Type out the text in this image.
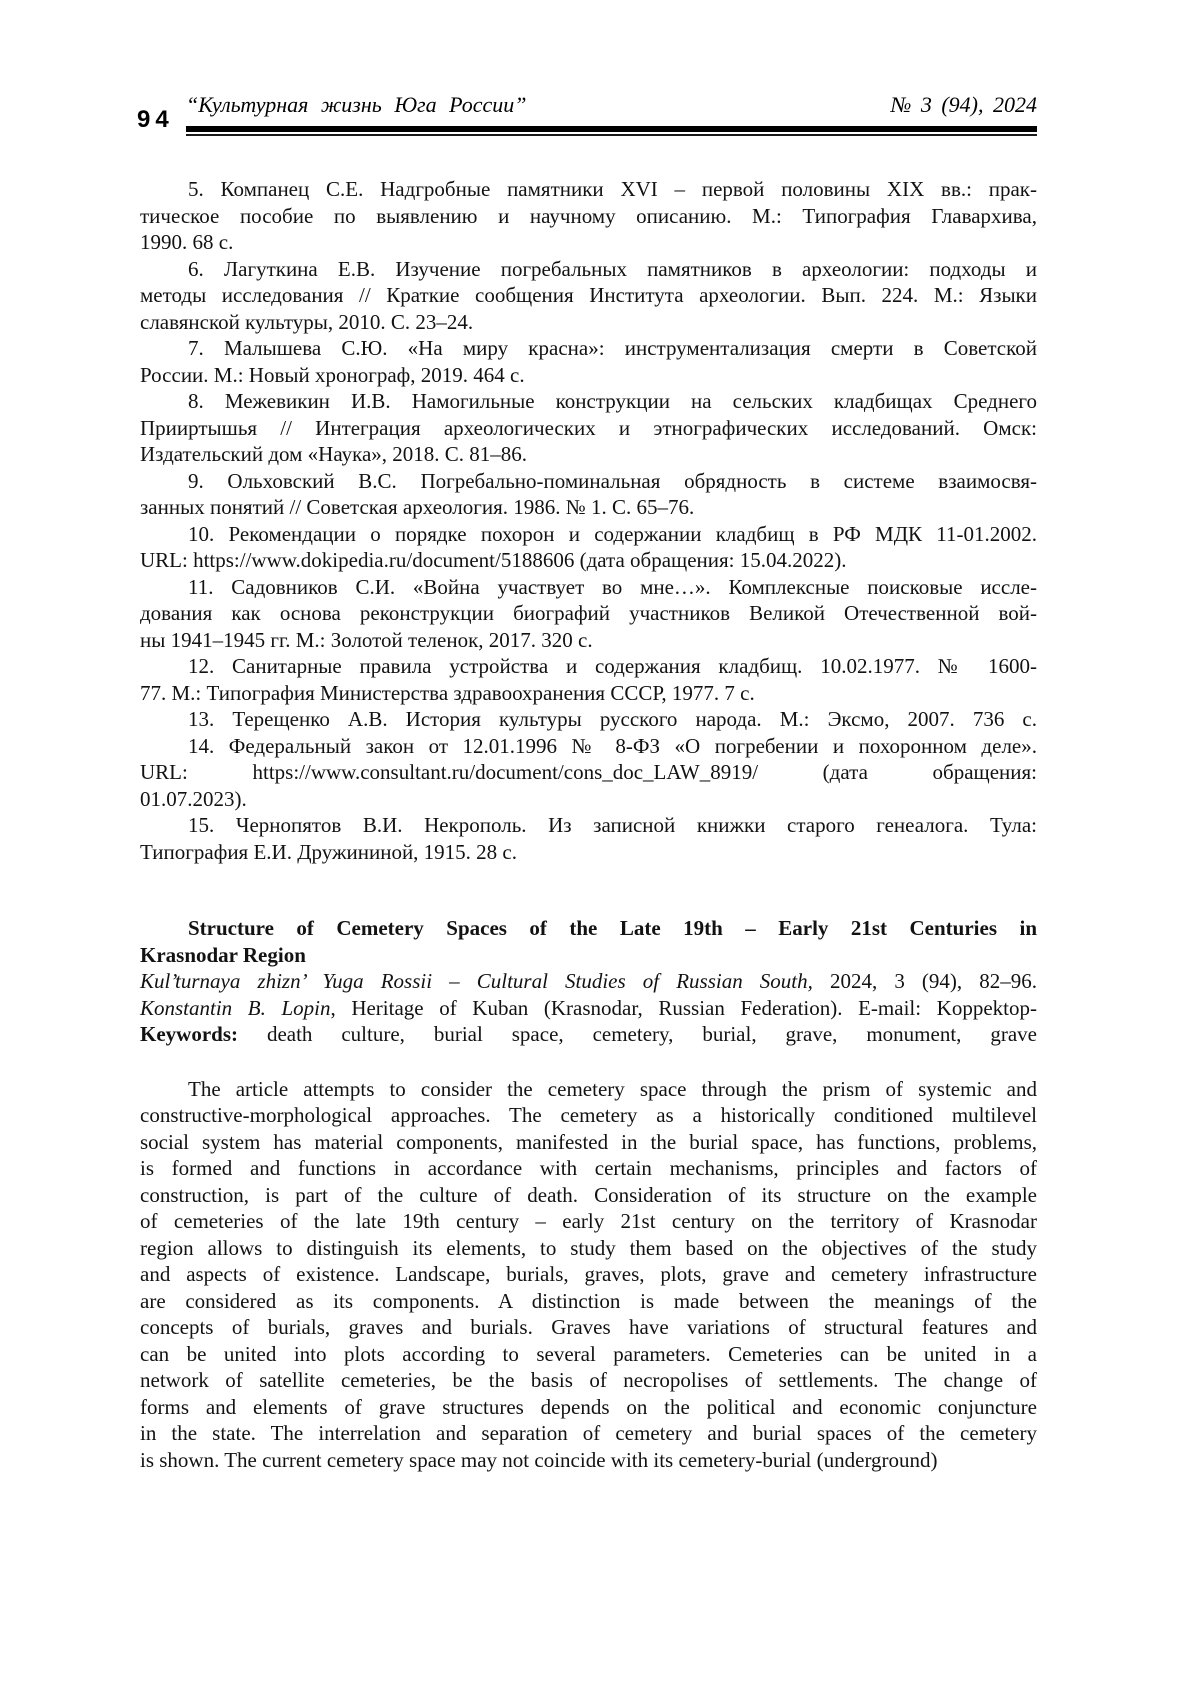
94
“Культурная жизнь Юга России”	№ 3 (94), 2024
5. Компанец С.Е. Надгробные памятники XVI – первой половины XIX вв.: прак-
тическое пособие по выявлению и научному описанию. М.: Типография Главархива,
1990. 68 с.
6. Лагуткина Е.В. Изучение погребальных памятников в археологии: подходы и
методы исследования // Краткие сообщения Института археологии. Вып. 224. М.: Языки
славянской культуры, 2010. С. 23–24.
7. Малышева С.Ю. «На миру красна»: инструментализация смерти в Советской
России. М.: Новый хронограф, 2019. 464 с.
8. Межевикин И.В. Намогильные конструкции на сельских кладбищах Среднего
Прииртышья // Интеграция археологических и этнографических исследований. Омск:
Издательский дом «Наука», 2018. С. 81–86.
9. Ольховский В.С. Погребально-поминальная обрядность в системе взаимосвя-
занных понятий // Советская археология. 1986. № 1. С. 65–76.
10. Рекомендации о порядке похорон и содержании кладбищ в РФ МДК 11-01.2002.
URL: https://www.dokipedia.ru/document/5188606 (дата обращения: 15.04.2022).
11. Садовников С.И. «Война участвует во мне…». Комплексные поисковые иссле-
дования как основа реконструкции биографий участников Великой Отечественной вой-
ны 1941–1945 гг. М.: Золотой теленок, 2017. 320 с.
12. Санитарные правила устройства и содержания кладбищ. 10.02.1977. № 1600-
77. М.: Типография Министерства здравоохранения СССР, 1977. 7 с.
13. Терещенко А.В. История культуры русского народа. М.: Эксмо, 2007. 736 с.
14. Федеральный закон от 12.01.1996 № 8-ФЗ «О погребении и похоронном деле».
URL: https://www.consultant.ru/document/cons_doc_LAW_8919/ (дата обращения:
01.07.2023).
15. Чернопятов В.И. Некрополь. Из записной книжки старого генеалога. Тула:
Типография Е.И. Дружининой, 1915. 28 с.
Structure of Cemetery Spaces of the Late 19th – Early 21st Centuries in
Krasnodar Region
Kul’turnaya zhizn’ Yuga Rossii – Cultural Studies of Russian South, 2024, 3 (94), 82–96.
Konstantin B. Lopin, Heritage of Kuban (Krasnodar, Russian Federation). E-mail: Koppektop-
Keywords: death culture, burial space, cemetery, burial, grave, monument, grave
The article attempts to consider the cemetery space through the prism of systemic and
constructive-morphological approaches. The cemetery as a historically conditioned multilevel
social system has material components, manifested in the burial space, has functions, problems,
is formed and functions in accordance with certain mechanisms, principles and factors of
construction, is part of the culture of death. Consideration of its structure on the example
of cemeteries of the late 19th century – early 21st century on the territory of Krasnodar
region allows to distinguish its elements, to study them based on the objectives of the study
and aspects of existence. Landscape, burials, graves, plots, grave and cemetery infrastructure
are considered as its components. A distinction is made between the meanings of the
concepts of burials, graves and burials. Graves have variations of structural features and
can be united into plots according to several parameters. Cemeteries can be united in a
network of satellite cemeteries, be the basis of necropolises of settlements. The change of
forms and elements of grave structures depends on the political and economic conjuncture
in the state. The interrelation and separation of cemetery and burial spaces of the cemetery
is shown. The current cemetery space may not coincide with its cemetery-burial (underground)
